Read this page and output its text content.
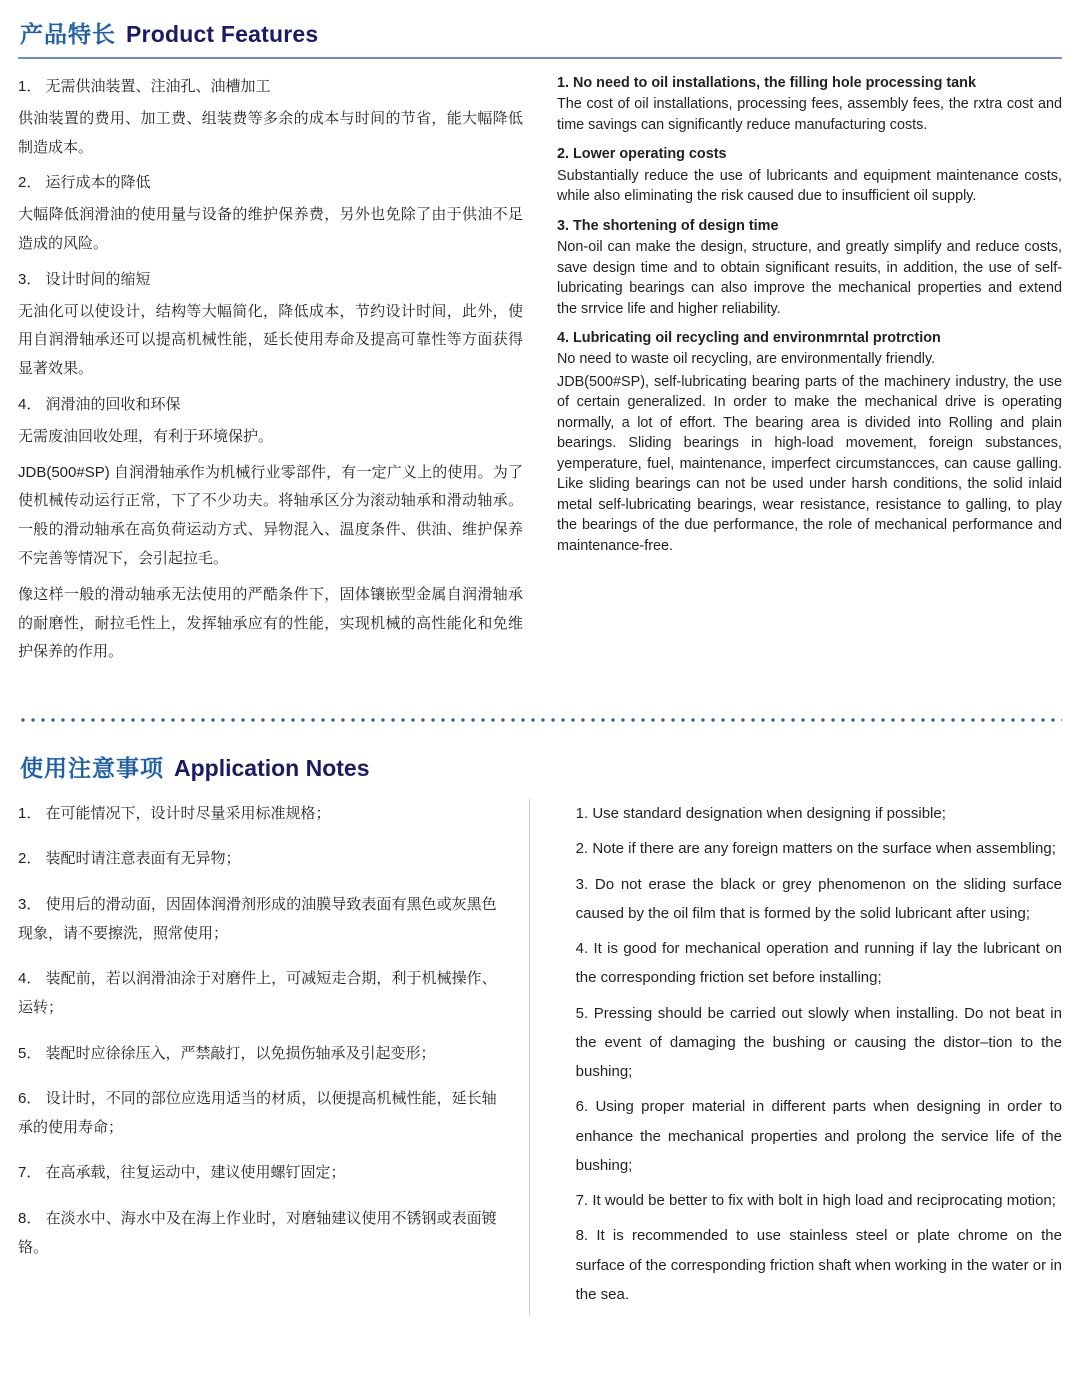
产品特长 Product Features

1． 无需供油装置、注油孔、油槽加工

供油装置的费用、加工费、组装费等多余的成本与时间的节省，能大幅降低制造成本。

2． 运行成本的降低

大幅降低润滑油的使用量与设备的维护保养费，另外也免除了由于供油不足造成的风险。

3． 设计时间的缩短

无油化可以使设计，结构等大幅简化，降低成本，节约设计时间，此外，使用自润滑轴承还可以提高机械性能，延长使用寿命及提高可靠性等方面获得显著效果。

4． 润滑油的回收和环保

无需废油回收处理，有利于环境保护。

JDB(500#SP) 自润滑轴承作为机械行业零部件，有一定广义上的使用。为了使机械传动运行正常，下了不少功夫。将轴承区分为滚动轴承和滑动轴承。一般的滑动轴承在高负荷运动方式、异物混入、温度条件、供油、维护保养不完善等情况下，会引起拉毛。

像这样一般的滑动轴承无法使用的严酷条件下，固体镶嵌型金属自润滑轴承的耐磨性，耐拉毛性上，发挥轴承应有的性能，实现机械的高性能化和免维护保养的作用。

1. No need to oil installations, the filling hole processing tank

The cost of oil installations, processing fees, assembly fees, the rxtra cost and time savings can significantly reduce manufacturing costs.

2. Lower operating costs

Substantially reduce the use of lubricants and equipment maintenance costs, while also eliminating the risk caused due to insufficient oil supply.

3. The shortening of design time

Non-oil can make the design, structure, and greatly simplify and reduce costs, save design time and to obtain significant resuits, in addition, the use of self-lubricating bearings can also improve the mechanical properties and extend the srrvice life and higher reliability.

4. Lubricating oil recycling and environmrntal protrction

No need to waste oil recycling, are environmentally friendly.

JDB(500#SP), self-lubricating bearing parts of the machinery industry, the use of certain generalized. In order to make the mechanical drive is operating normally, a lot of effort. The bearing area is divided into Rolling and plain bearings. Sliding bearings in high-load movement, foreign substances, yemperature, fuel, maintenance, imperfect circumstancces, can cause galling. Like sliding bearings can not be used under harsh conditions, the solid inlaid metal self-lubricating bearings, wear resistance, resistance to galling, to play the bearings of the due performance, the role of mechanical performance and maintenance-free.

使用注意事项 Application Notes

1． 在可能情况下，设计时尽量采用标准规格；

2． 装配时请注意表面有无异物；

3． 使用后的滑动面，因固体润滑剂形成的油膜导致表面有黑色或灰黑色现象，请不要擦洗，照常使用；

4． 装配前，若以润滑油涂于对磨件上，可减短走合期，利于机械操作、运转；

5． 装配时应徐徐压入，严禁敲打，以免损伤轴承及引起变形；

6． 设计时，不同的部位应选用适当的材质，以便提高机械性能，延长轴承的使用寿命；

7． 在高承载，往复运动中，建议使用螺钉固定；

8． 在淡水中、海水中及在海上作业时，对磨轴建议使用不锈钢或表面镀铬。

1. Use standard designation when designing if possible;

2. Note if there are any foreign matters on the surface when assembling;

3. Do not erase the black or grey phenomenon on the sliding surface caused by the oil film that is formed by the solid lubricant after using;

4. It is good for mechanical operation and running if lay the lubricant on the corresponding friction set before installing;

5. Pressing should be carried out slowly when installing. Do not beat in the event of damaging the bushing or causing the distor–tion to the bushing;

6. Using proper material in different parts when designing in order to enhance the mechanical properties and prolong the service life of the bushing;

7. It would be better to fix with bolt in high load and reciprocating motion;

8. It is recommended to use stainless steel or plate chrome on the surface of the corresponding friction shaft when working in the water or in the sea.
